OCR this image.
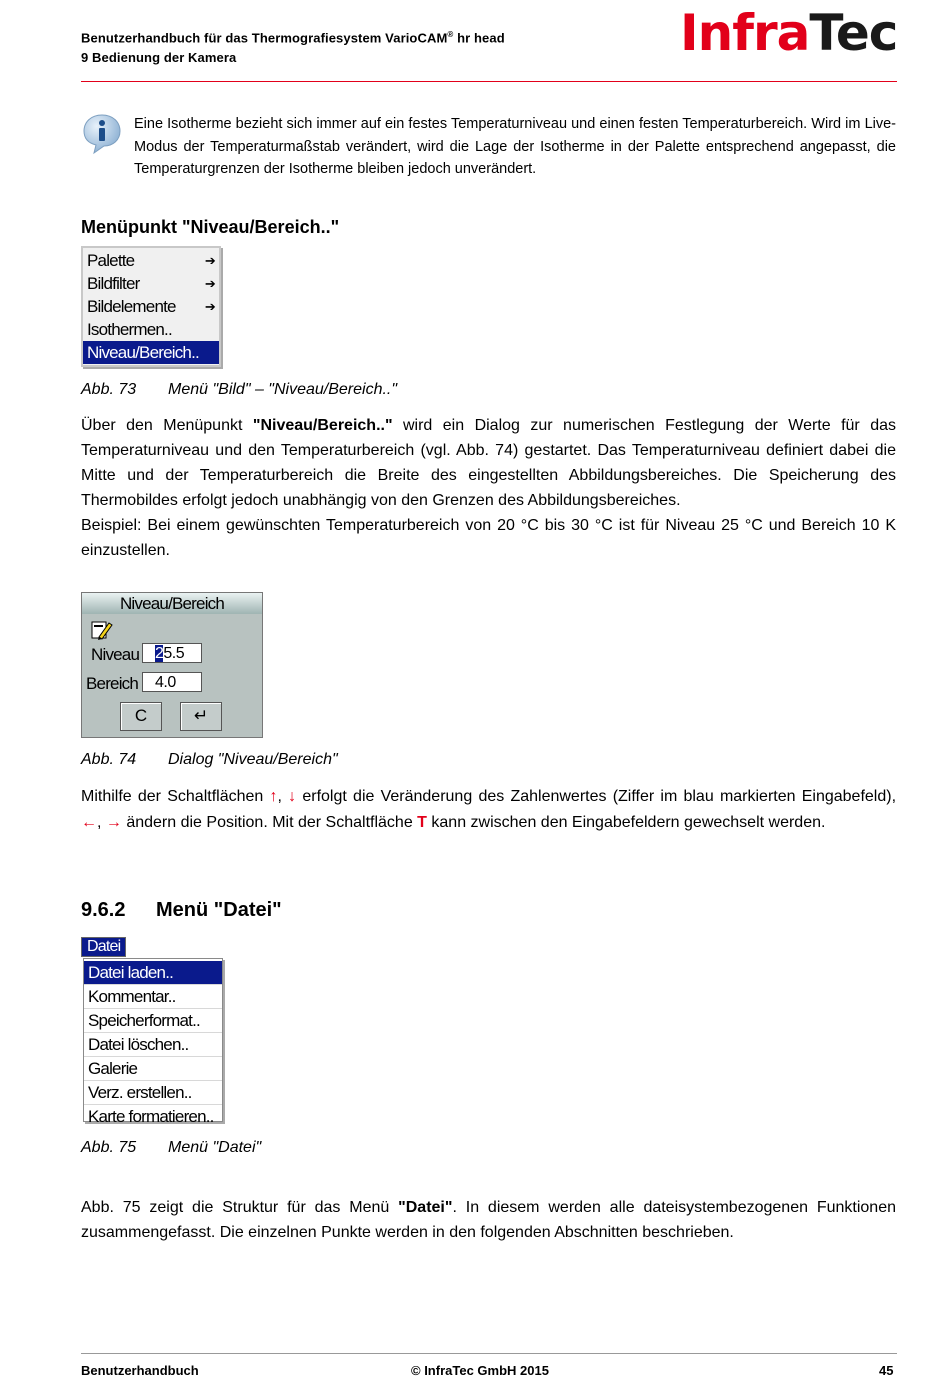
Benutzerhandbuch für das Thermografiesystem VarioCAM® hr head
9 Bedienung der Kamera	InfraTec

Eine Isotherme bezieht sich immer auf ein festes Temperaturniveau und einen festen Temperaturbereich. Wird im Live-Modus der Temperaturmaßstab verändert, wird die Lage der Isotherme in der Palette entsprechend angepasst, die Temperaturgrenzen der Isotherme bleiben jedoch unverändert.

Menüpunkt "Niveau/Bereich.."
Palette	➔
Bildfilter	➔
Bildelemente ➔
Isothermen..
Niveau/Bereich..
Abb. 73 Menü "Bild" – "Niveau/Bereich.."

Über den Menüpunkt "Niveau/Bereich.." wird ein Dialog zur numerischen Festlegung der Werte für das Temperaturniveau und den Temperaturbereich (vgl. Abb. 74) gestartet. Das Temperaturniveau definiert dabei die Mitte und der Temperaturbereich die Breite des eingestellten Abbildungsbereiches. Die Speicherung des Thermobildes erfolgt jedoch unabhängig von den Grenzen des Abbildungsbereiches.

Beispiel: Bei einem gewünschten Temperaturbereich von 20 °C bis 30 °C ist für Niveau 25 °C und Bereich 10 K einzustellen.

Niveau/Bereich
Niveau 25.5
Bereich	4.0
C	↵
Abb. 74 Dialog "Niveau/Bereich"

Mithilfe der Schaltflächen ↑, ↓ erfolgt die Veränderung des Zahlenwertes (Ziffer im blau markierten Eingabefeld), ←, → ändern die Position. Mit der Schaltfläche T kann zwischen den Eingabefeldern gewechselt werden.

9.6.2 Menü "Datei"
Datei
Datei laden..
Kommentar..
Speicherformat..
Datei löschen..
Galerie
Verz. erstellen..
Karte formatieren..
Abb. 75 Menü "Datei"

Abb. 75 zeigt die Struktur für das Menü "Datei". In diesem werden alle dateisystembezogenen Funktionen zusammengefasst. Die einzelnen Punkte werden in den folgenden Abschnitten beschrieben.

Benutzerhandbuch	© InfraTec GmbH 2015	45
